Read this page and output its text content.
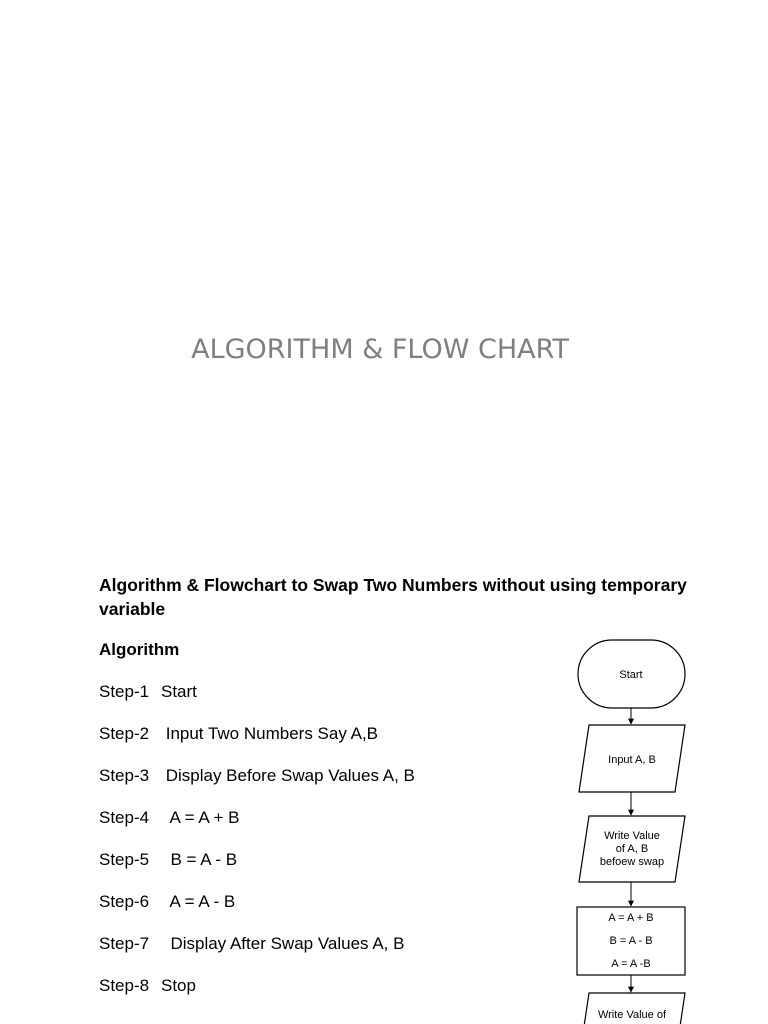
ALGORITHM & FLOW CHART
Algorithm & Flowchart to Swap Two Numbers without using temporary
variable
Algorithm
Step-1 Start
Step-2 Input Two Numbers Say A,B
Step-3 Display Before Swap Values A, B
Step-4  A = A + B
Step-5  B = A - B
Step-6  A = A - B
Step-7  Display After Swap Values A, B
Step-8 Stop
Start
Input A, B
Write Value
of A, B
befoew swap
A = A + B
B = A - B
A = A -B
Write Value of
